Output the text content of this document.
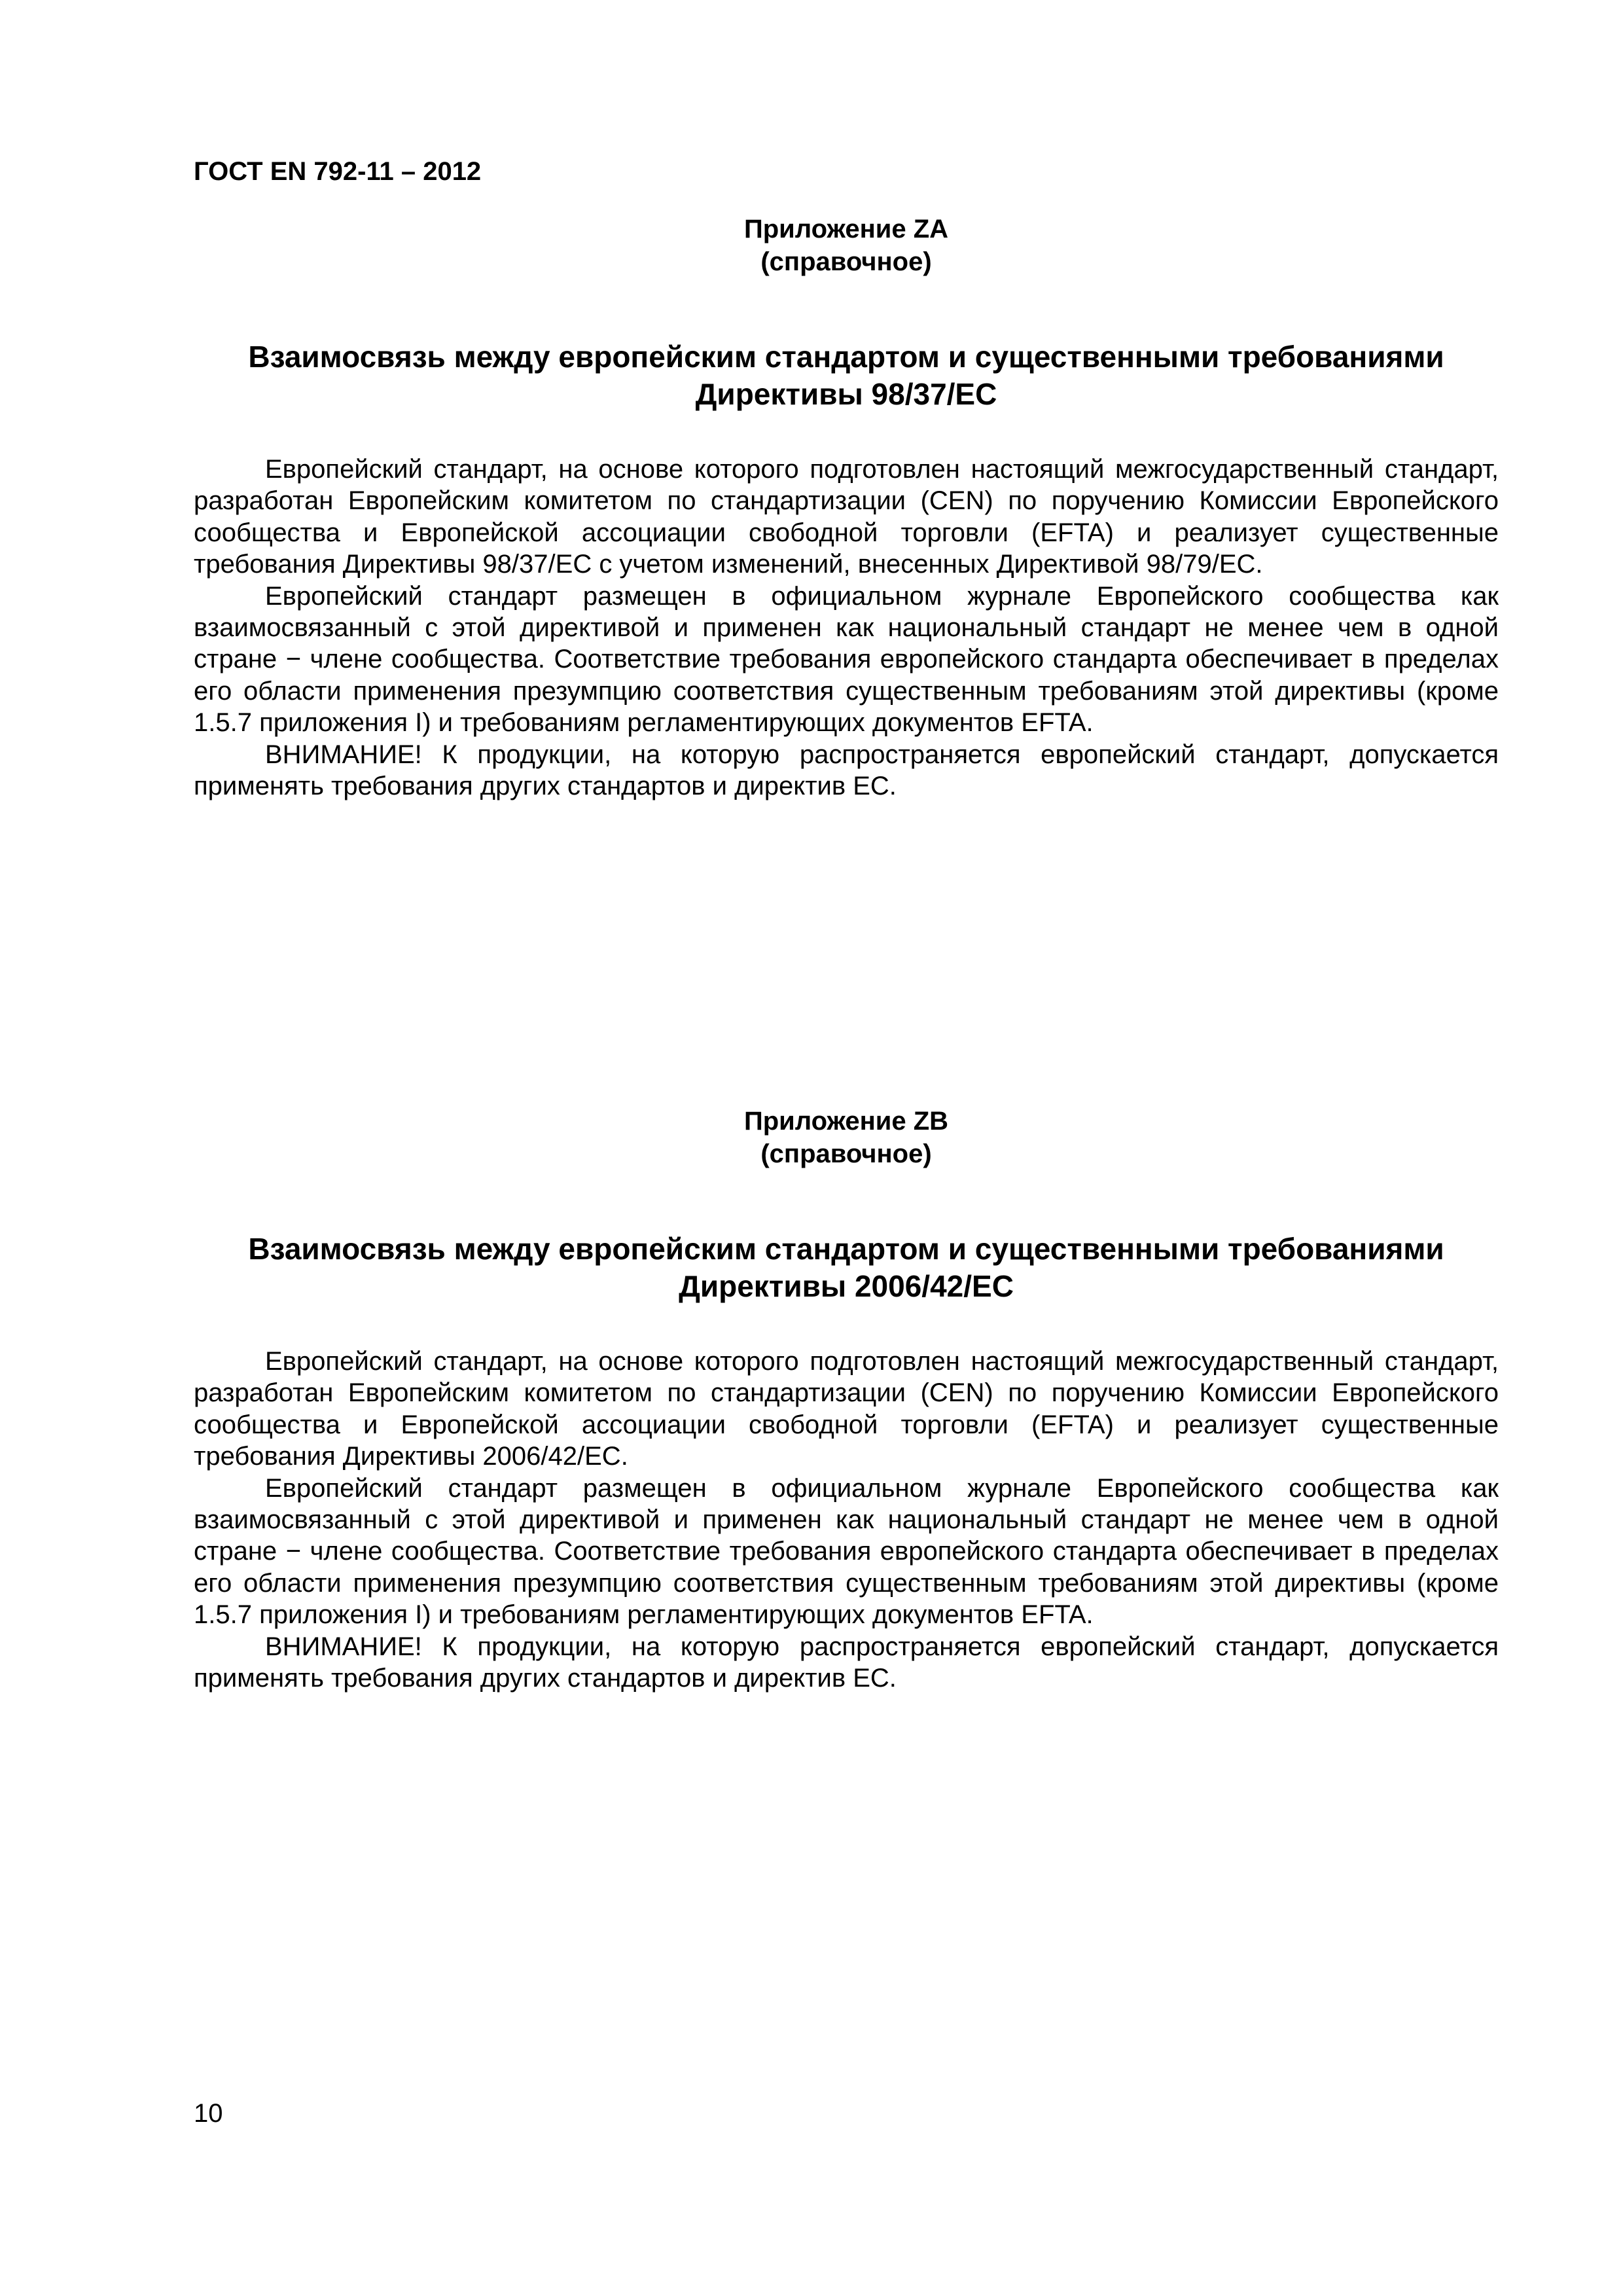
ГОСТ EN 792-11 – 2012

Приложение ZA

(справочное)

Взаимосвязь между европейским стандартом и существенными требованиями
Директивы 98/37/EC

Европейский стандарт, на основе которого подготовлен настоящий межгосударственный стандарт, разработан Европейским комитетом по стандартизации (CEN) по поручению Комиссии Европейского сообщества и Европейской ассоциации свободной торговли (EFTA) и реализует существенные требования Директивы 98/37/ЕС с учетом изменений, внесенных Директивой 98/79/ЕС.

Европейский стандарт размещен в официальном журнале Европейского сообщества как взаимосвязанный с этой директивой и применен как национальный стандарт не менее чем в одной стране − члене сообщества. Соответствие требования европейского стандарта обеспечивает в пределах его области применения презумпцию соответствия существенным требованиям этой директивы (кроме 1.5.7 приложения I) и требованиям регламентирующих документов EFTA.

ВНИМАНИЕ! К продукции, на которую распространяется европейский стандарт, допускается применять требования других стандартов и директив ЕС.

Приложение ZB

(справочное)

Взаимосвязь между европейским стандартом и существенными требованиями
Директивы 2006/42/EC

Европейский стандарт, на основе которого подготовлен настоящий межгосударственный стандарт, разработан Европейским комитетом по стандартизации (CEN) по поручению Комиссии Европейского сообщества и Европейской ассоциации свободной торговли (EFTA) и реализует существенные требования Директивы 2006/42/ЕС.

Европейский стандарт размещен в официальном журнале Европейского сообщества как взаимосвязанный с этой директивой и применен как национальный стандарт не менее чем в одной стране − члене сообщества. Соответствие требования европейского стандарта обеспечивает в пределах его области применения презумпцию соответствия существенным требованиям этой директивы (кроме 1.5.7 приложения I) и требованиям регламентирующих документов EFTA.

ВНИМАНИЕ! К продукции, на которую распространяется европейский стандарт, допускается применять требования других стандартов и директив ЕС.

10
